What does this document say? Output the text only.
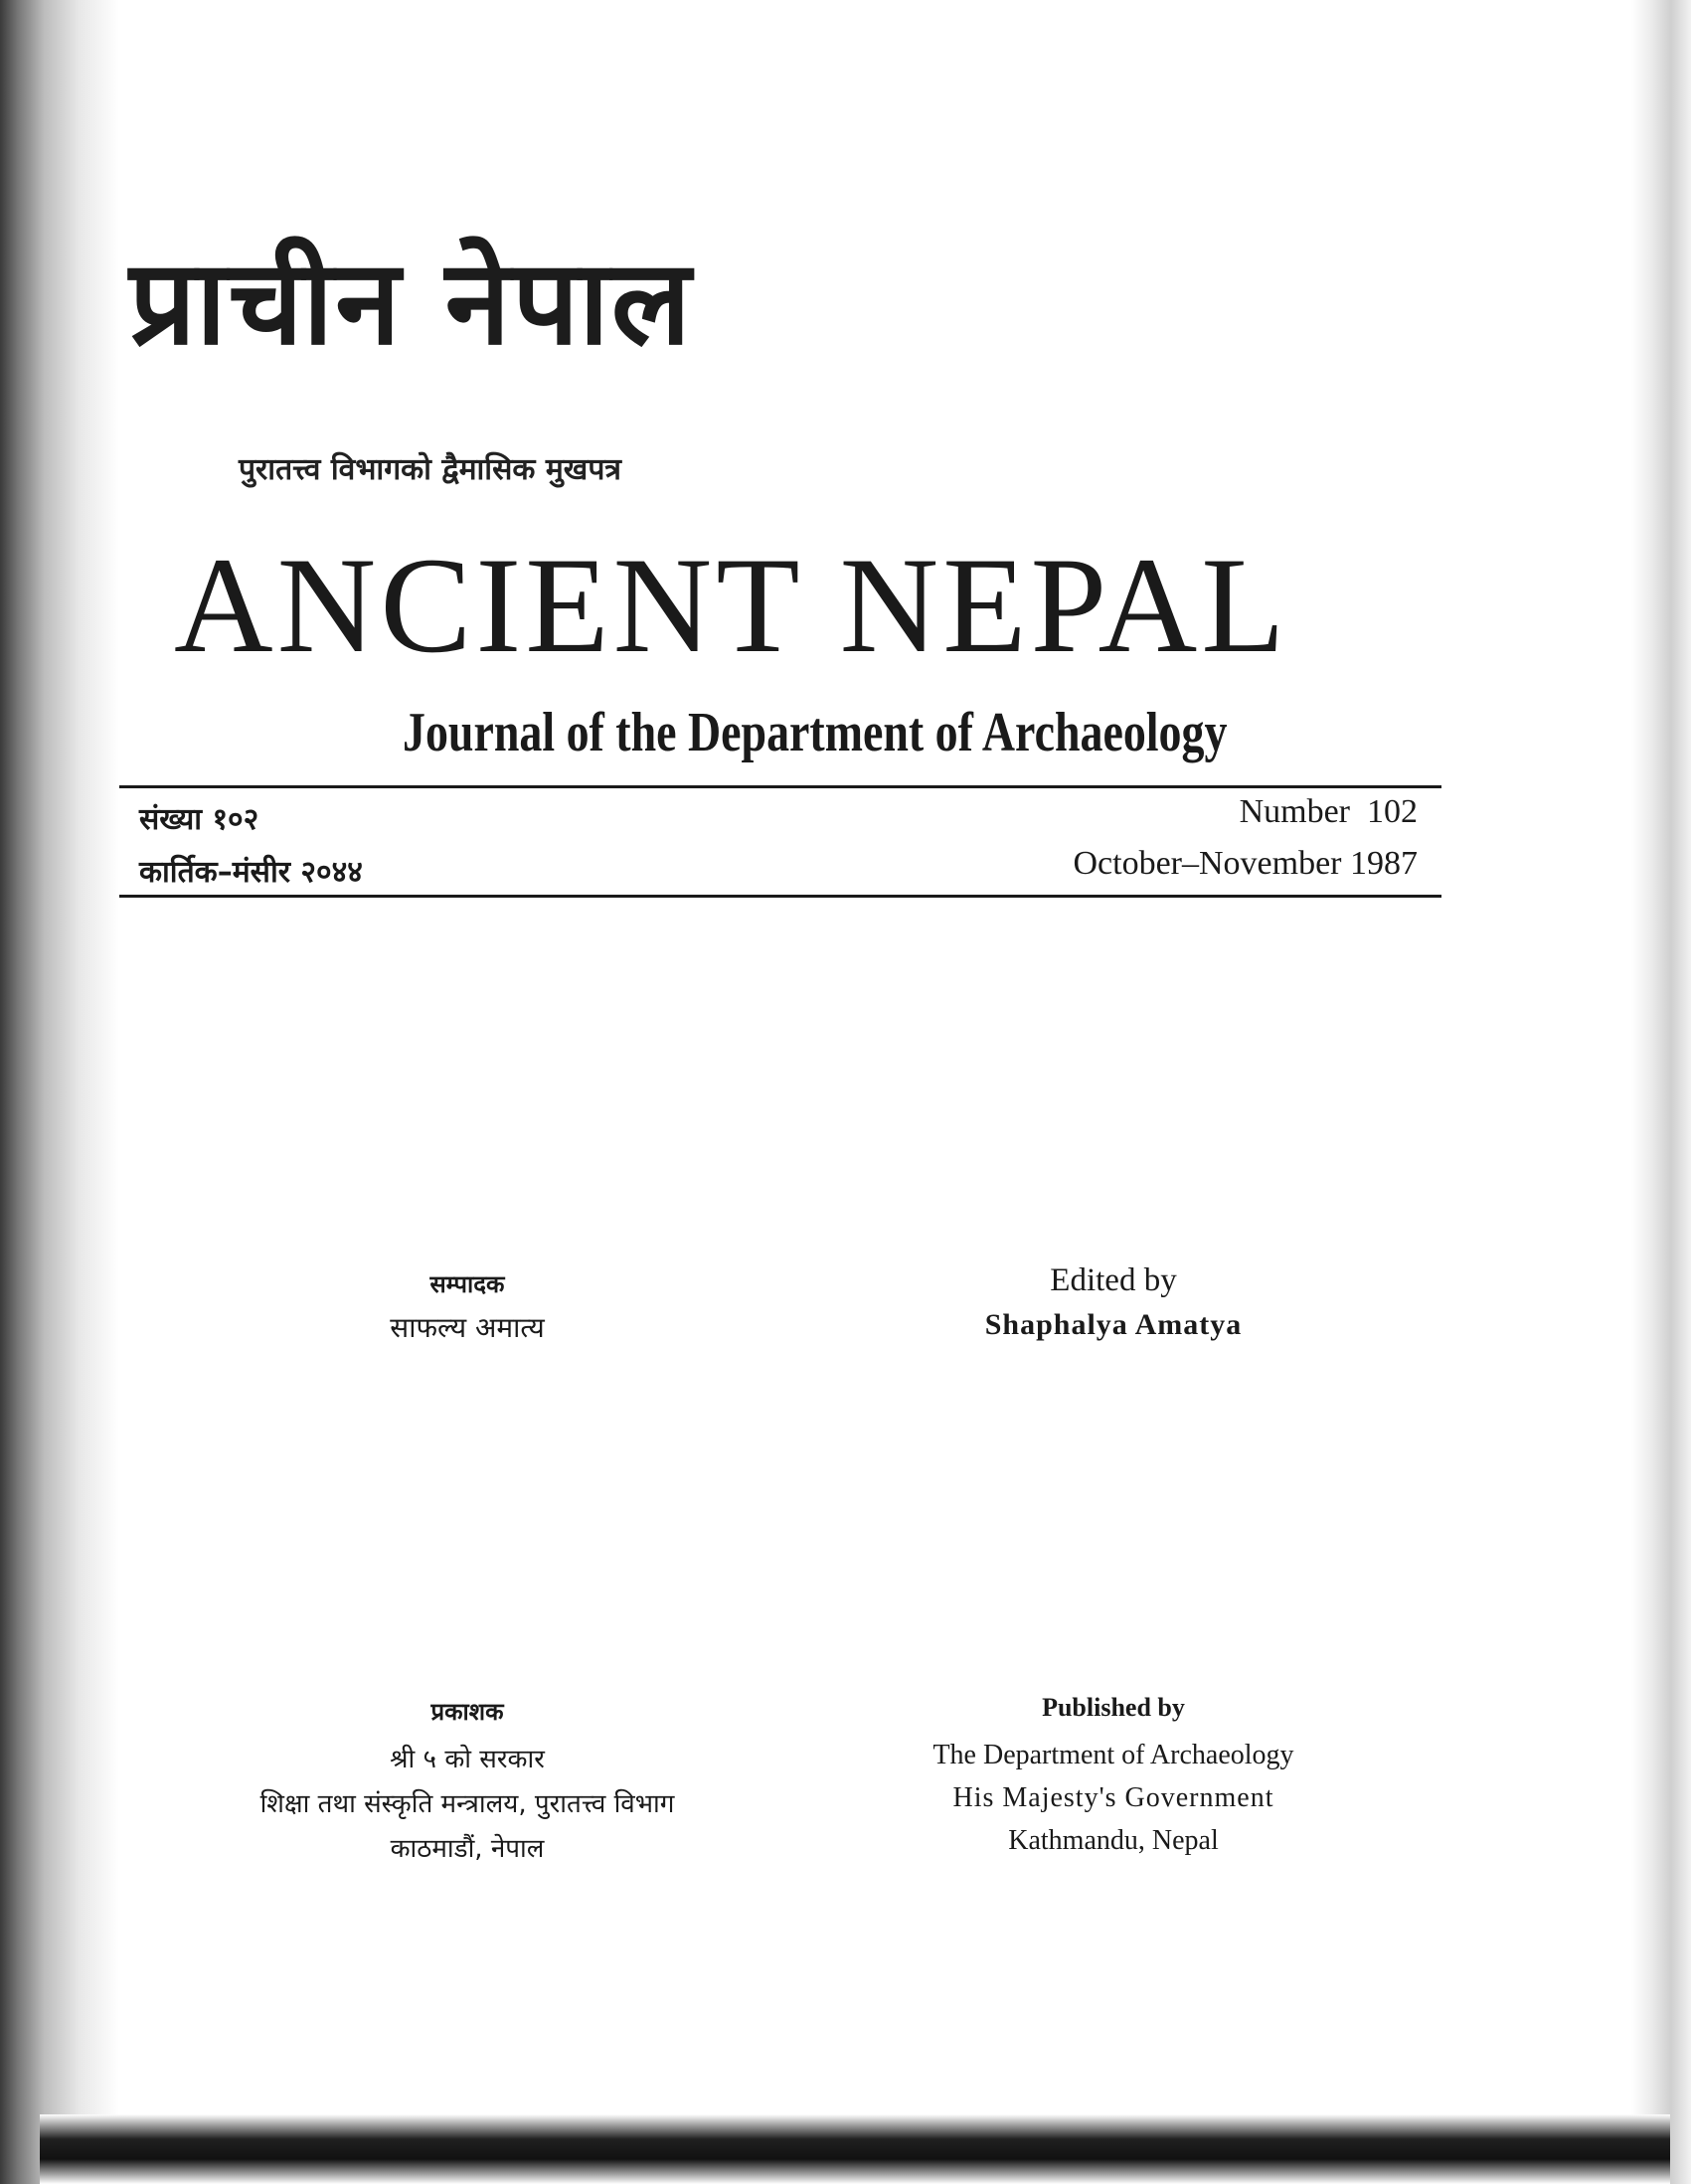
प्राचीन नेपाल
पुरातत्त्व विभागको द्वैमासिक मुखपत्र
ANCIENT NEPAL
Journal of the Department of Archaeology
संख्या १०२
कार्तिक–मंसीर २०४४
Number  102
October–November 1987
सम्पादक
साफल्य अमात्य
Edited by
Shaphalya Amatya
प्रकाशक
श्री ५ को सरकार
शिक्षा तथा संस्कृति मन्त्रालय, पुरातत्त्व विभाग
काठमाडौं, नेपाल
Published by
The Department of Archaeology
His Majesty's Government
Kathmandu, Nepal
